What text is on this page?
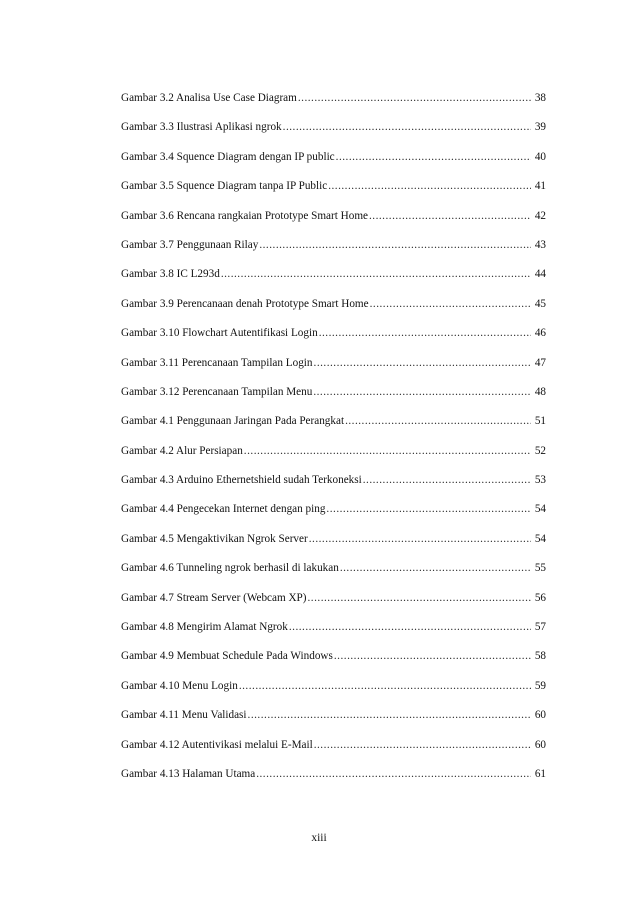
Gambar 3.2 Analisa Use Case Diagram .....	38
Gambar 3.3 Ilustrasi Aplikasi ngrok .....	39
Gambar 3.4 Squence Diagram dengan IP public .....	40
Gambar 3.5 Squence Diagram tanpa IP Public .....	41
Gambar 3.6 Rencana rangkaian Prototype Smart Home .....	42
Gambar 3.7 Penggunaan Rilay .....	43
Gambar 3.8 IC L293d .....	44
Gambar 3.9 Perencanaan denah Prototype Smart Home .....	45
Gambar 3.10 Flowchart Autentifikasi Login .....	46
Gambar 3.11 Perencanaan Tampilan Login .....	47
Gambar 3.12 Perencanaan Tampilan Menu .....	48
Gambar 4.1 Penggunaan Jaringan Pada Perangkat .....	51
Gambar 4.2 Alur Persiapan .....	52
Gambar 4.3 Arduino Ethernetshield sudah Terkoneksi .....	53
Gambar 4.4 Pengecekan Internet dengan ping .....	54
Gambar 4.5 Mengaktivikan Ngrok Server .....	54
Gambar 4.6 Tunneling ngrok berhasil di lakukan .....	55
Gambar 4.7 Stream Server (Webcam XP) .....	56
Gambar 4.8 Mengirim Alamat Ngrok .....	57
Gambar 4.9 Membuat Schedule Pada Windows .....	58
Gambar 4.10 Menu Login .....	59
Gambar 4.11 Menu Validasi .....	60
Gambar 4.12 Autentivikasi melalui E-Mail .....	60
Gambar 4.13 Halaman Utama .....	61
xiii
